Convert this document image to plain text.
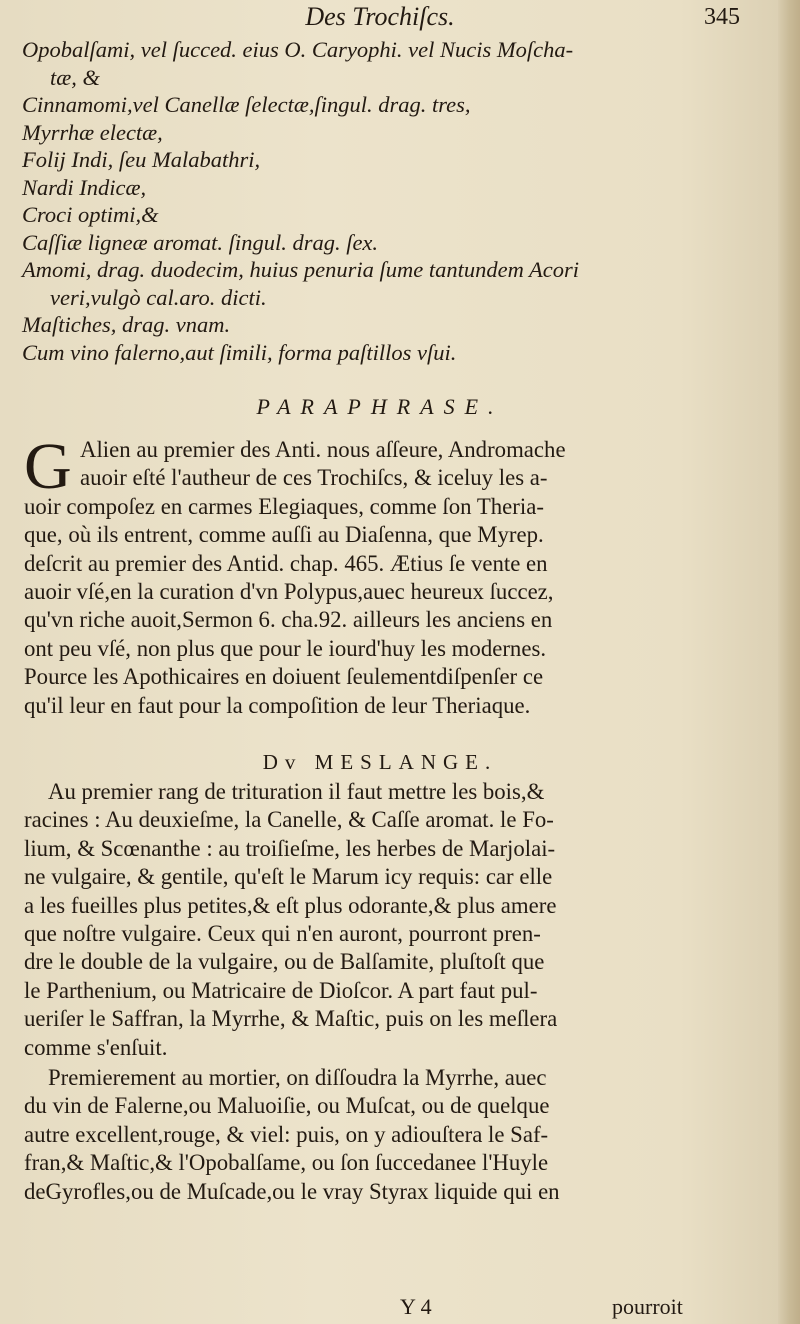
Des Trochiſcs.	345
Opobalſami, vel ſucced. eius O. Caryophi. vel Nucis Moſcha-
tæ, &
Cinnamomi,vel Canellæ ſelectæ,ſingul. drag. tres,
Myrrhæ electæ,
Folij Indi, ſeu Malabathri,
Nardi Indicæ,
Croci optimi,&
Caſſiæ ligneæ aromat. ſingul. drag. ſex.
Amomi, drag. duodecim, huius penuria ſume tantundem Acori
veri,vulgò cal.aro. dicti.
Maſtiches, drag. vnam.
Cum vino falerno,aut ſimili, forma paſtillos vſui.
PARAPHRASE.
G Alien au premier des Anti. nous aſſeure, Andromache
auoir eſté l'autheur de ces Trochiſcs, & iceluy les a-
uoir compoſez en carmes Elegiaques, comme ſon Theria-
que, où ils entrent, comme auſſi au Diaſenna, que Myrep.
deſcrit au premier des Antid. chap. 465. Ætius ſe vente en
auoir vſé,en la curation d'vn Polypus,auec heureux ſuccez,
qu'vn riche auoit,Sermon 6. cha.92. ailleurs les anciens en
ont peu vſé, non plus que pour le iourd'huy les modernes.
Pource les Apothicaires en doiuent ſeulementdiſpenſer ce
qu'il leur en faut pour la compoſition de leur Theriaque.
Dv MESLANGE.
Au premier rang de trituration il faut mettre les bois,&
racines : Au deuxieſme, la Canelle, & Caſſe aromat. le Fo-
lium, & Scœnanthe : au troiſieſme, les herbes de Marjolai-
ne vulgaire, & gentile, qu'eſt le Marum icy requis: car elle
a les fueilles plus petites,& eſt plus odorante,& plus amere
que noſtre vulgaire. Ceux qui n'en auront, pourront pren-
dre le double de la vulgaire, ou de Balſamite, pluſtoſt que
le Parthenium, ou Matricaire de Dioſcor. A part faut pul-
ueriſer le Saffran, la Myrrhe, & Maſtic, puis on les meſlera
comme s'enſuit.
Premierement au mortier, on diſſoudra la Myrrhe, auec
du vin de Falerne,ou Maluoiſie, ou Muſcat, ou de quelque
autre excellent,rouge, & viel: puis, on y adiouſtera le Saf-
fran,& Maſtic,& l'Opobalſame, ou ſon ſuccedanee l'Huyle
deGyrofles,ou de Muſcade,ou le vray Styrax liquide qui en
Y 4	pourroit
